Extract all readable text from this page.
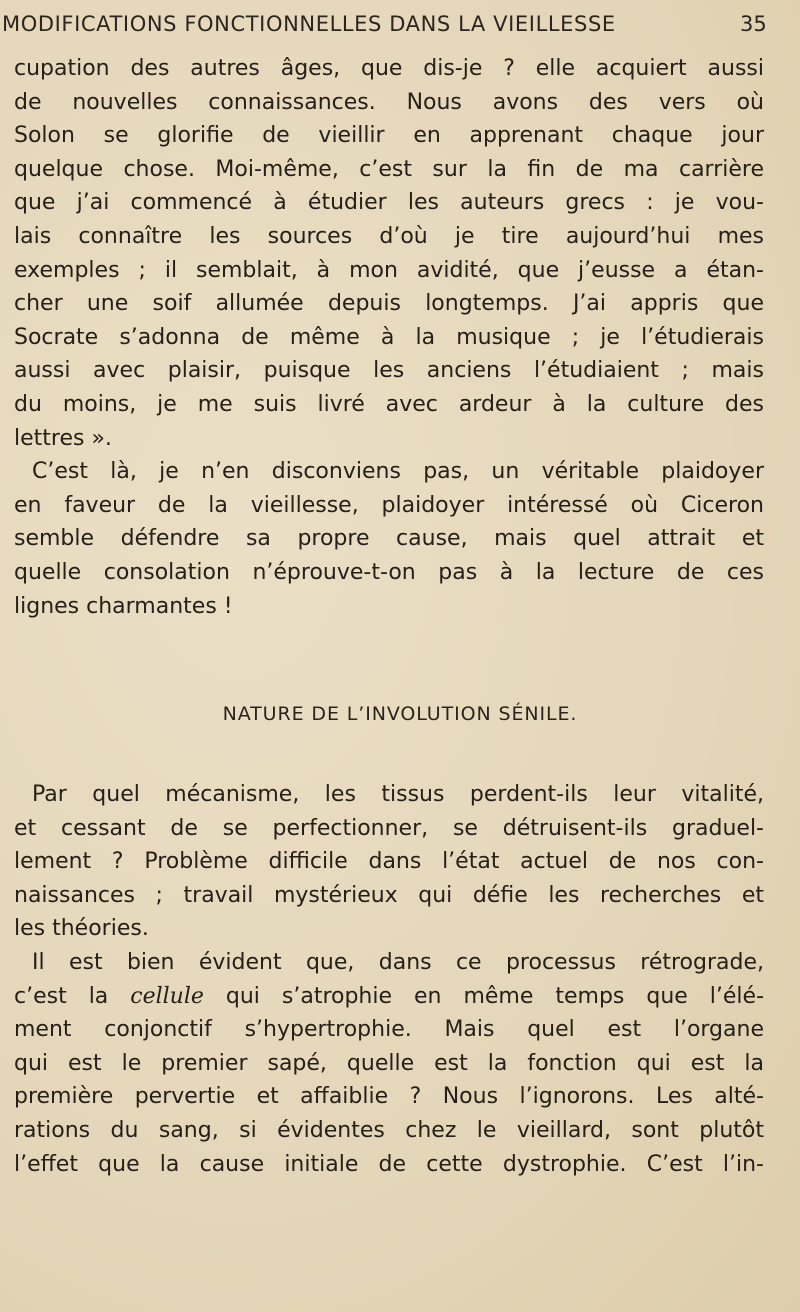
MODIFICATIONS FONCTIONNELLES DANS LA VIEILLESSE	35
cupation des autres âges, que dis-je ? elle acquiert aussi
de nouvelles connaissances. Nous avons des vers où
Solon se glorifie de vieillir en apprenant chaque jour
quelque chose. Moi-même, c’est sur la fin de ma carrière
que j’ai commencé à étudier les auteurs grecs : je vou-
lais connaître les sources d’où je tire aujourd’hui mes
exemples ; il semblait, à mon avidité, que j’eusse a étan-
cher une soif allumée depuis longtemps. J’ai appris que
Socrate s’adonna de même à la musique ; je l’étudierais
aussi avec plaisir, puisque les anciens l’étudiaient ; mais
du moins, je me suis livré avec ardeur à la culture des
lettres ».
C’est là, je n’en disconviens pas, un véritable plaidoyer
en faveur de la vieillesse, plaidoyer intéressé où Ciceron
semble défendre sa propre cause, mais quel attrait et
quelle consolation n’éprouve-t-on pas à la lecture de ces
lignes charmantes !
NATURE DE L’INVOLUTION SÉNILE.
Par quel mécanisme, les tissus perdent-ils leur vitalité,
et cessant de se perfectionner, se détruisent-ils graduel-
lement ? Problème difficile dans l’état actuel de nos con-
naissances ; travail mystérieux qui défie les recherches et
les théories.
Il est bien évident que, dans ce processus rétrograde,
c’est la cellule qui s’atrophie en même temps que l’élé-
ment conjonctif s’hypertrophie. Mais quel est l’organe
qui est le premier sapé, quelle est la fonction qui est la
première pervertie et affaiblie ? Nous l’ignorons. Les alté-
rations du sang, si évidentes chez le vieillard, sont plutôt
l’effet que la cause initiale de cette dystrophie. C’est l’in-
